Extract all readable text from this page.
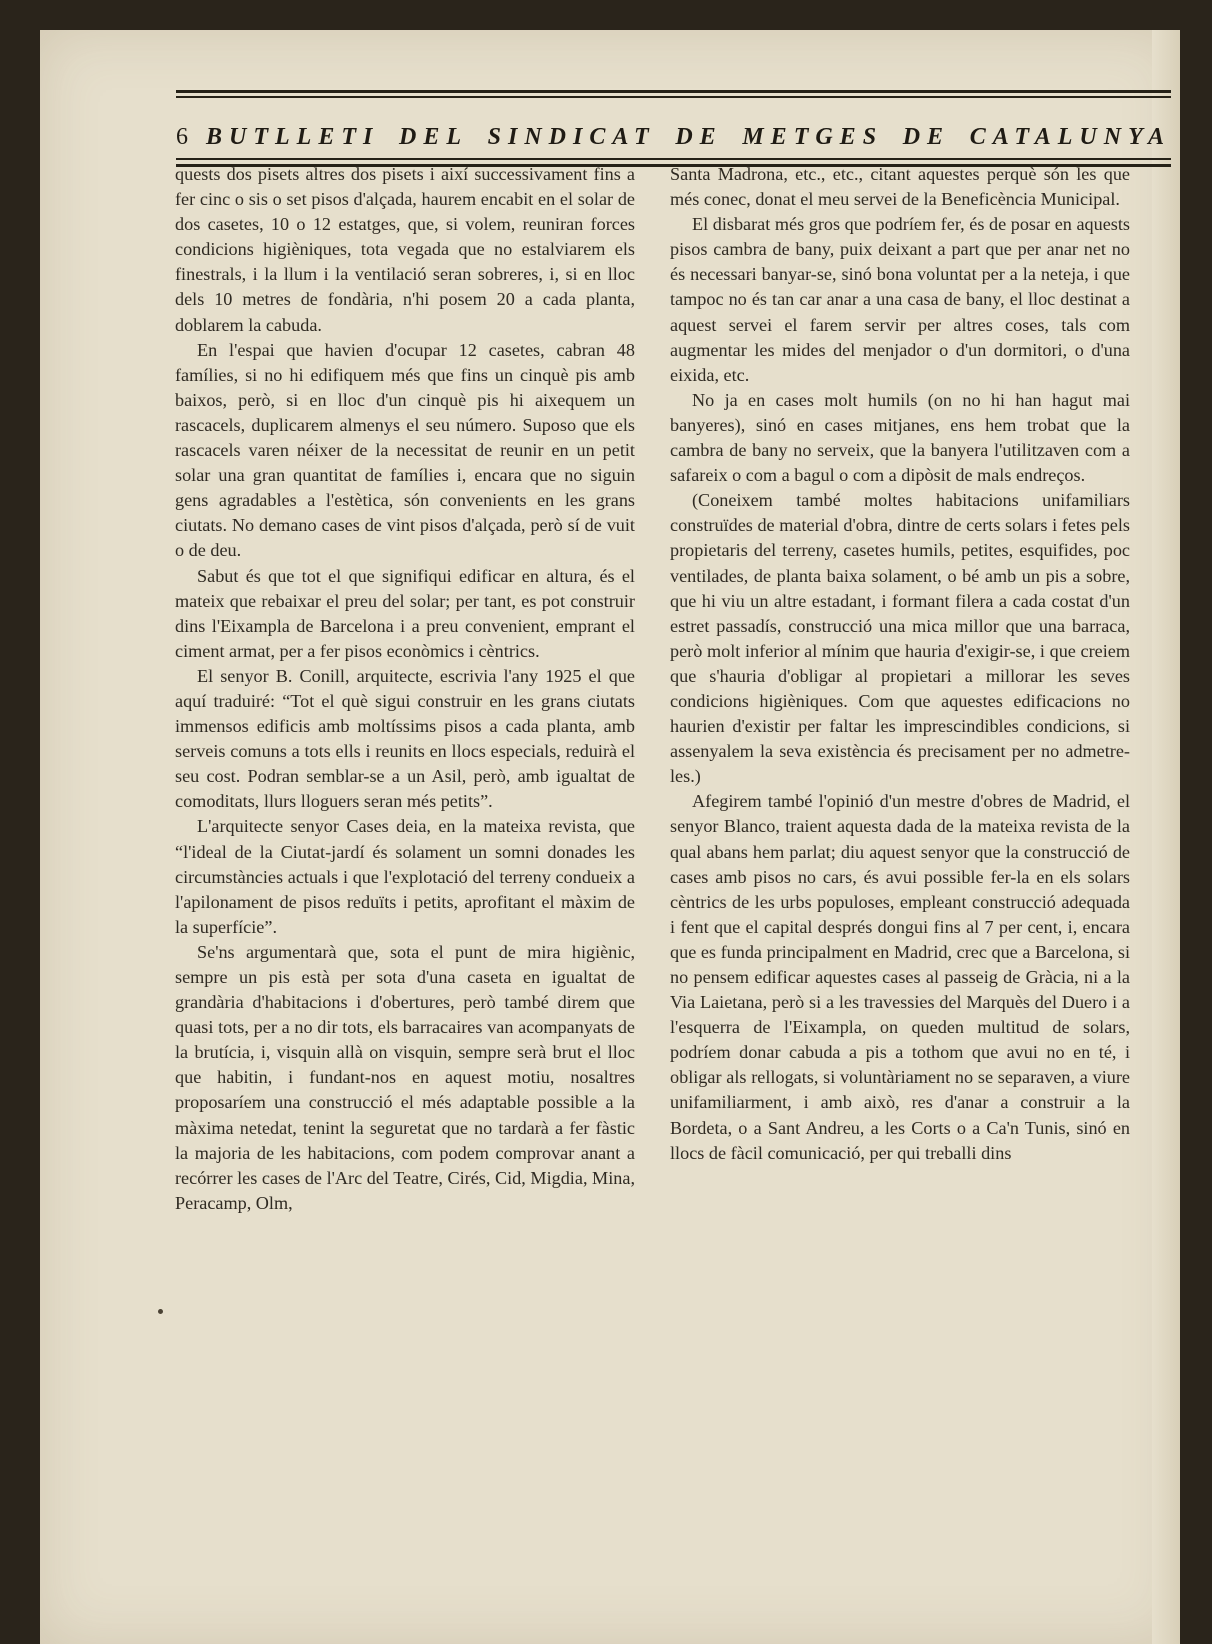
6 BUTLLETI DEL SINDICAT DE METGES DE CATALUNYA

quests dos pisets altres dos pisets i així successivament fins a fer cinc o sis o set pisos d'alçada, haurem encabit en el solar de dos casetes, 10 o 12 estatges, que, si volem, reuniran forces condicions higièniques, tota vegada que no estalviarem els finestrals, i la llum i la ventilació seran sobreres, i, si en lloc dels 10 metres de fondària, n'hi posem 20 a cada planta, doblarem la cabuda.

En l'espai que havien d'ocupar 12 casetes, cabran 48 famílies, si no hi edifiquem més que fins un cinquè pis amb baixos, però, si en lloc d'un cinquè pis hi aixequem un rascacels, duplicarem almenys el seu número. Suposo que els rascacels varen néixer de la necessitat de reunir en un petit solar una gran quantitat de famílies i, encara que no siguin gens agradables a l'estètica, són convenients en les grans ciutats. No demano cases de vint pisos d'alçada, però sí de vuit o de deu.

Sabut és que tot el que signifiqui edificar en altura, és el mateix que rebaixar el preu del solar; per tant, es pot construir dins l'Eixampla de Barcelona i a preu convenient, emprant el ciment armat, per a fer pisos econòmics i cèntrics.

El senyor B. Conill, arquitecte, escrivia l'any 1925 el que aquí traduiré: “Tot el què sigui construir en les grans ciutats immensos edificis amb moltíssims pisos a cada planta, amb serveis comuns a tots ells i reunits en llocs especials, reduirà el seu cost. Podran semblar-se a un Asil, però, amb igualtat de comoditats, llurs lloguers seran més petits”.

L'arquitecte senyor Cases deia, en la mateixa revista, que “l'ideal de la Ciutat-jardí és solament un somni donades les circumstàncies actuals i que l'explotació del terreny condueix a l'apilonament de pisos reduïts i petits, aprofitant el màxim de la superfície”.

Se'ns argumentarà que, sota el punt de mira higiènic, sempre un pis està per sota d'una caseta en igualtat de grandària d'habitacions i d'obertures, però també direm que quasi tots, per a no dir tots, els barracaires van acompanyats de la brutícia, i, visquin allà on visquin, sempre serà brut el lloc que habitin, i fundant-nos en aquest motiu, nosaltres proposaríem una construcció el més adaptable possible a la màxima netedat, tenint la seguretat que no tardarà a fer fàstic la majoria de les habitacions, com podem comprovar anant a recórrer les cases de l'Arc del Teatre, Cirés, Cid, Migdia, Mina, Peracamp, Olm,

Santa Madrona, etc., etc., citant aquestes perquè són les que més conec, donat el meu servei de la Beneficència Municipal.

El disbarat més gros que podríem fer, és de posar en aquests pisos cambra de bany, puix deixant a part que per anar net no és necessari banyar-se, sinó bona voluntat per a la neteja, i que tampoc no és tan car anar a una casa de bany, el lloc destinat a aquest servei el farem servir per altres coses, tals com augmentar les mides del menjador o d'un dormitori, o d'una eixida, etc.

No ja en cases molt humils (on no hi han hagut mai banyeres), sinó en cases mitjanes, ens hem trobat que la cambra de bany no serveix, que la banyera l'utilitzaven com a safareix o com a bagul o com a dipòsit de mals endreços.

(Coneixem també moltes habitacions unifamiliars construïdes de material d'obra, dintre de certs solars i fetes pels propietaris del terreny, casetes humils, petites, esquifides, poc ventilades, de planta baixa solament, o bé amb un pis a sobre, que hi viu un altre estadant, i formant filera a cada costat d'un estret passadís, construcció una mica millor que una barraca, però molt inferior al mínim que hauria d'exigir-se, i que creiem que s'hauria d'obligar al propietari a millorar les seves condicions higièniques. Com que aquestes edificacions no haurien d'existir per faltar les imprescindibles condicions, si assenyalem la seva existència és precisament per no admetre-les.)

Afegirem també l'opinió d'un mestre d'obres de Madrid, el senyor Blanco, traient aquesta dada de la mateixa revista de la qual abans hem parlat; diu aquest senyor que la construcció de cases amb pisos no cars, és avui possible fer-la en els solars cèntrics de les urbs populoses, empleant construcció adequada i fent que el capital després dongui fins al 7 per cent, i, encara que es funda principalment en Madrid, crec que a Barcelona, si no pensem edificar aquestes cases al passeig de Gràcia, ni a la Via Laietana, però si a les travessies del Marquès del Duero i a l'esquerra de l'Eixampla, on queden multitud de solars, podríem donar cabuda a pis a tothom que avui no en té, i obligar als rellogats, si voluntàriament no se separaven, a viure unifamiliarment, i amb això, res d'anar a construir a la Bordeta, o a Sant Andreu, a les Corts o a Ca'n Tunis, sinó en llocs de fàcil comunicació, per qui treballi dins
